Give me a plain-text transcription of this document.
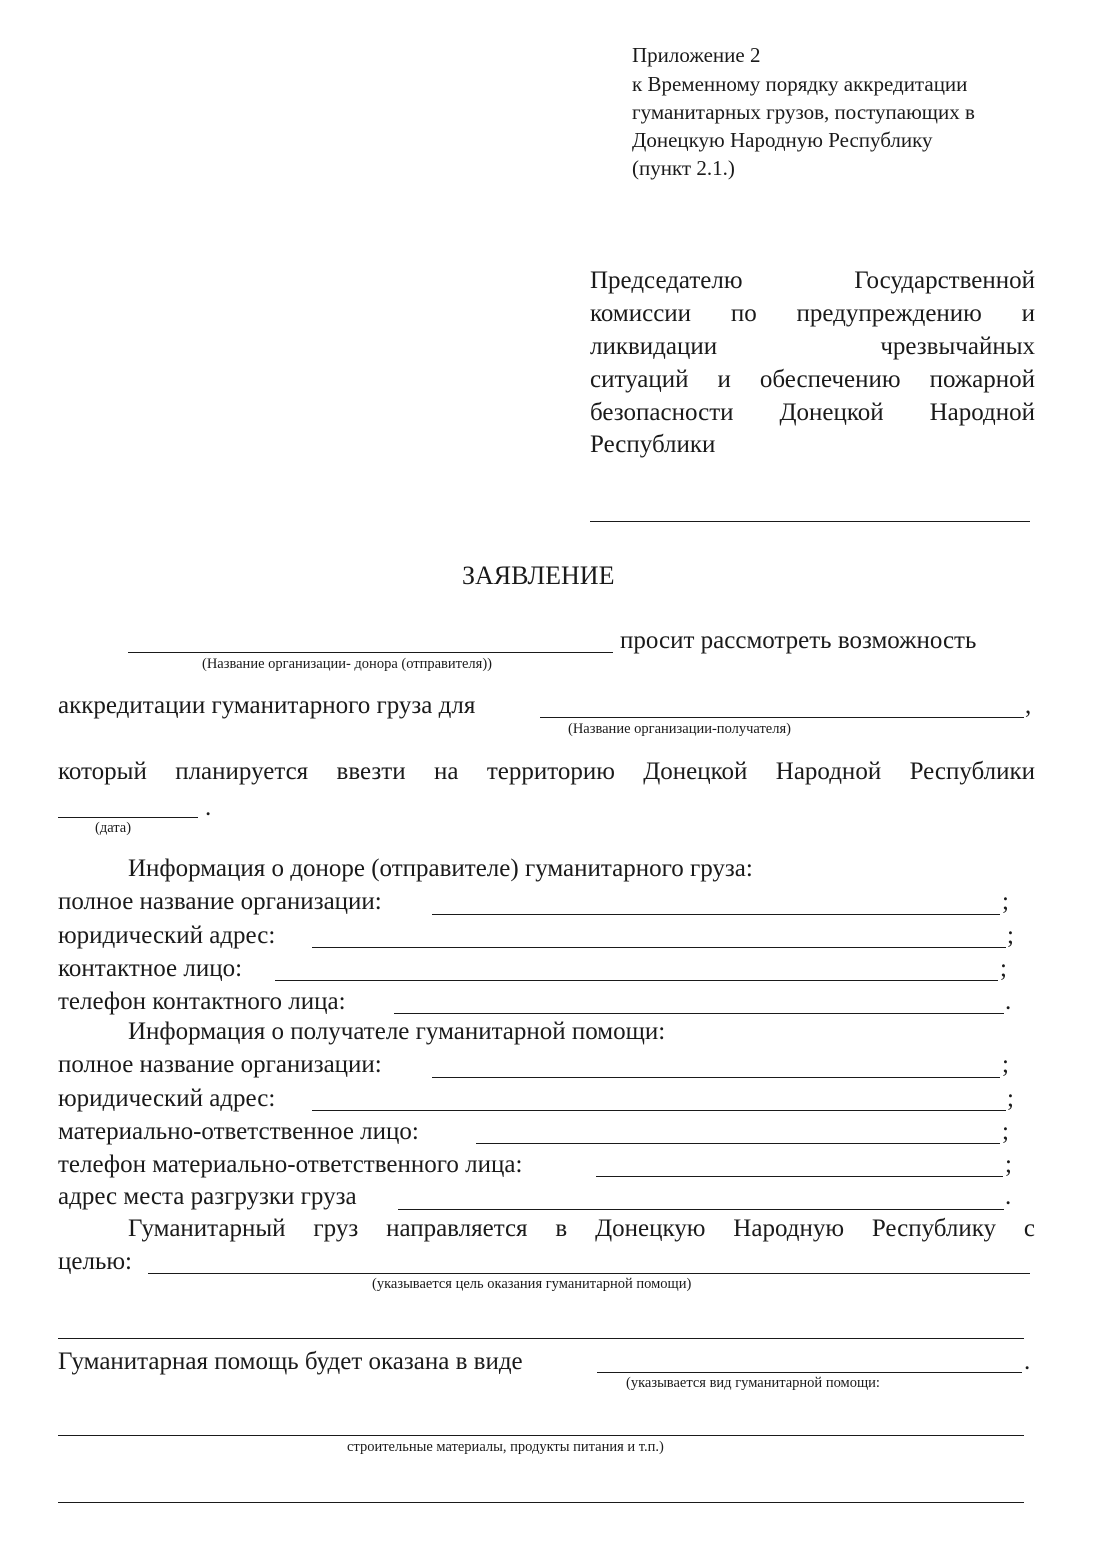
Приложение 2
к Временному порядку аккредитации
гуманитарных грузов, поступающих в
Донецкую Народную Республику
(пункт 2.1.)
Председателю Государственной
комиссии по предупреждению и
ликвидации чрезвычайных
ситуаций и обеспечению пожарной
безопасности Донецкой Народной
Республики
ЗАЯВЛЕНИЕ
просит рассмотреть возможность
(Название организации- донора (отправителя))
аккредитации гуманитарного груза для	,
(Название организации-получателя)
который планируется ввезти на территорию Донецкой Народной Республики
.
(дата)
Информация о доноре (отправителе) гуманитарного груза:
полное название организации:	;
юридический адрес:	;
контактное лицо:	;
телефон контактного лица:	.
Информация о получателе гуманитарной помощи:
полное название организации:	;
юридический адрес:	;
материально-ответственное лицо:	;
телефон материально-ответственного лица:	;
адрес места разгрузки груза	.
Гуманитарный груз направляется в Донецкую Народную Республику с
целью:
(указывается цель оказания гуманитарной помощи)
Гуманитарная помощь будет оказана в виде	.
(указывается вид гуманитарной помощи:
строительные материалы, продукты питания и т.п.)
